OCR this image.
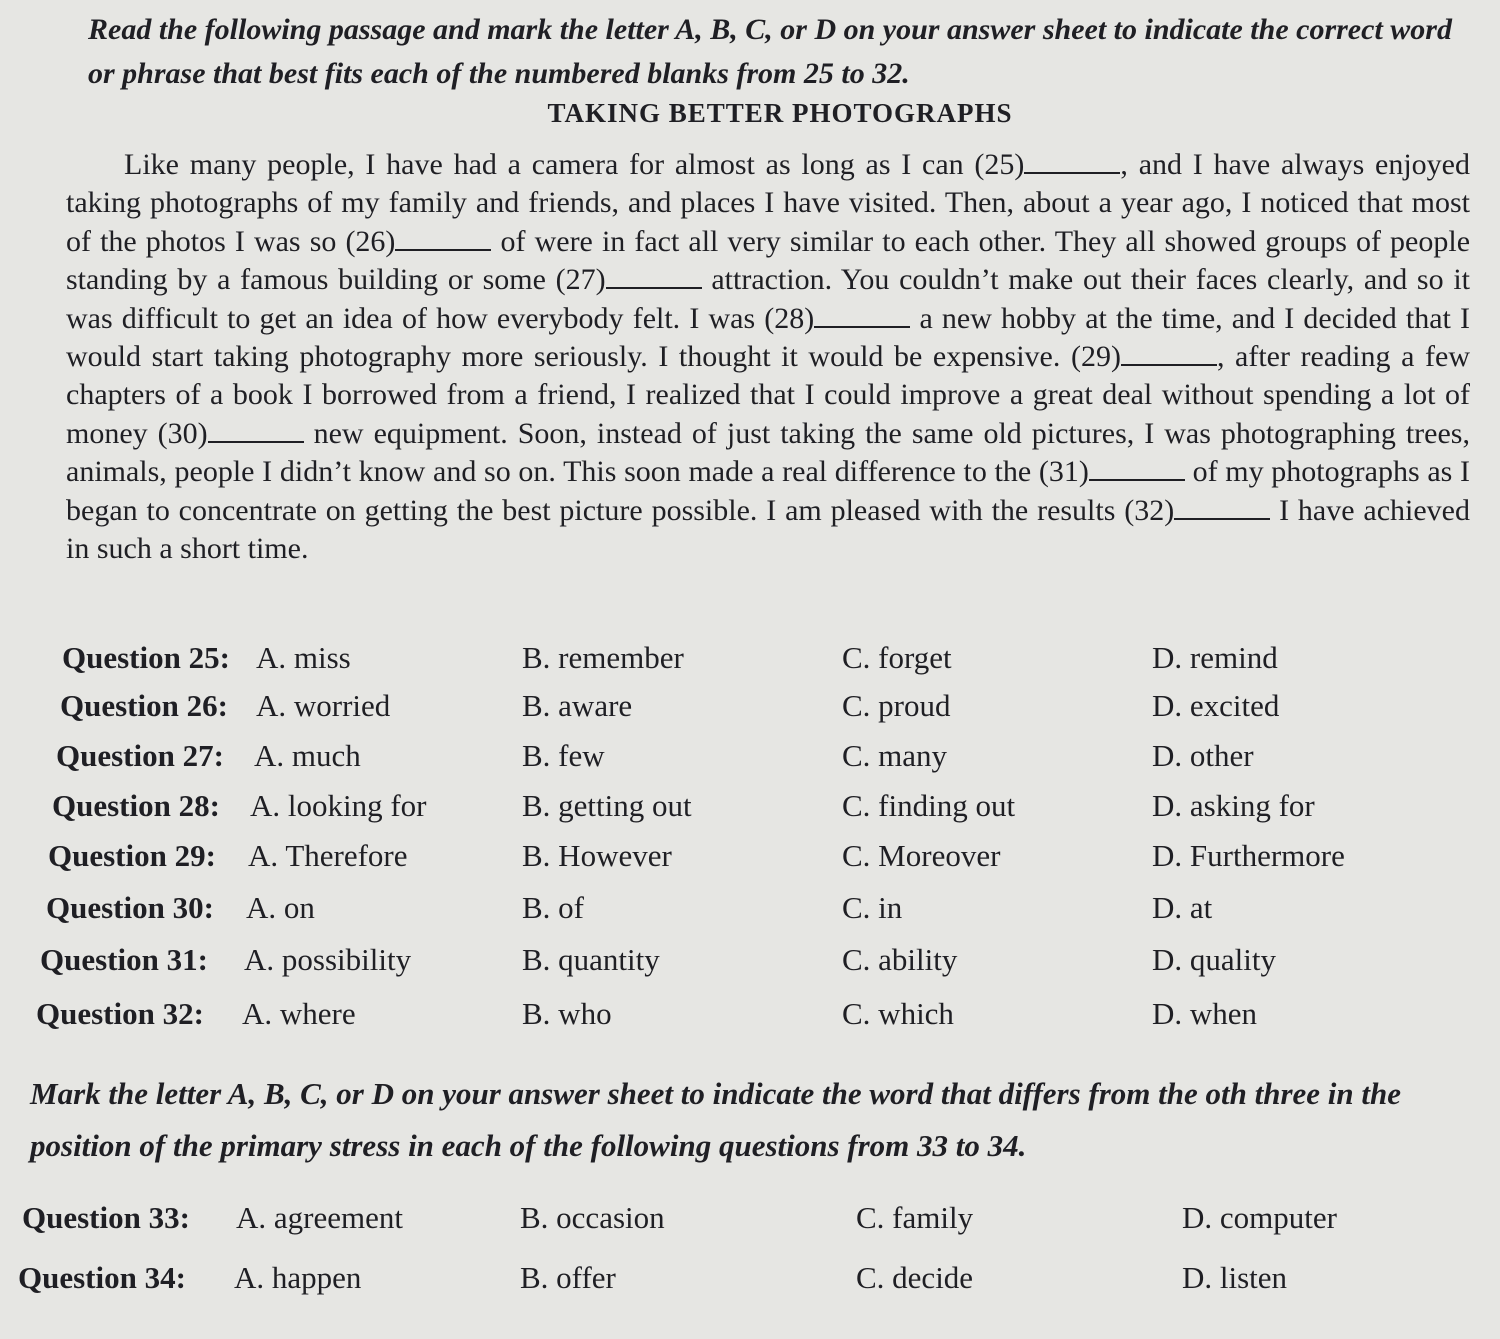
Read the following passage and mark the letter A, B, C, or D on your answer sheet to indicate the correct word or phrase that best fits each of the numbered blanks from 25 to 32.
TAKING BETTER PHOTOGRAPHS

Like many people, I have had a camera for almost as long as I can (25)	, and I have always enjoyed taking photographs of my family and friends, and places I have visited. Then, about a year ago, I noticed that most of the photos I was so (26)	of were in fact all very similar to each other. They all showed groups of people standing by a famous building or some (27)	attraction. You couldn’t make out their faces clearly, and so it was difficult to get an idea of how everybody felt. I was (28)	a new hobby at the time, and I decided that I would start taking photography more seriously. I thought it would be expensive. (29)	, after reading a few chapters of a book I borrowed from a friend, I realized that I could improve a great deal without spending a lot of money (30)	new equipment. Soon, instead of just taking the same old pictures, I was photographing trees, animals, people I didn’t know and so on. This soon made a real difference to the (31)	of my photographs as I began to concentrate on getting the best picture possible. I am pleased with the results (32)	I have achieved in such a short time.

Question 25: A. miss	B. remember	C. forget	D. remind
Question 26: A. worried	B. aware	C. proud	D. excited
Question 27: A. much	B. few	C. many	D. other
Question 28: A. looking for	B. getting out	C. finding out	D. asking for
Question 29: A. Therefore	B. However	C. Moreover	D. Furthermore
Question 30: A. on	B. of	C. in	D. at
Question 31: A. possibility	B. quantity	C. ability	D. quality
Question 32: A. where	B. who	C. which	D. when
Mark the letter A, B, C, or D on your answer sheet to indicate the word that differs from the oth three in the position of the primary stress in each of the following questions from 33 to 34.
Question 33: A. agreement	B. occasion	C. family	D. computer
Question 34: A. happen	B. offer	C. decide	D. listen
